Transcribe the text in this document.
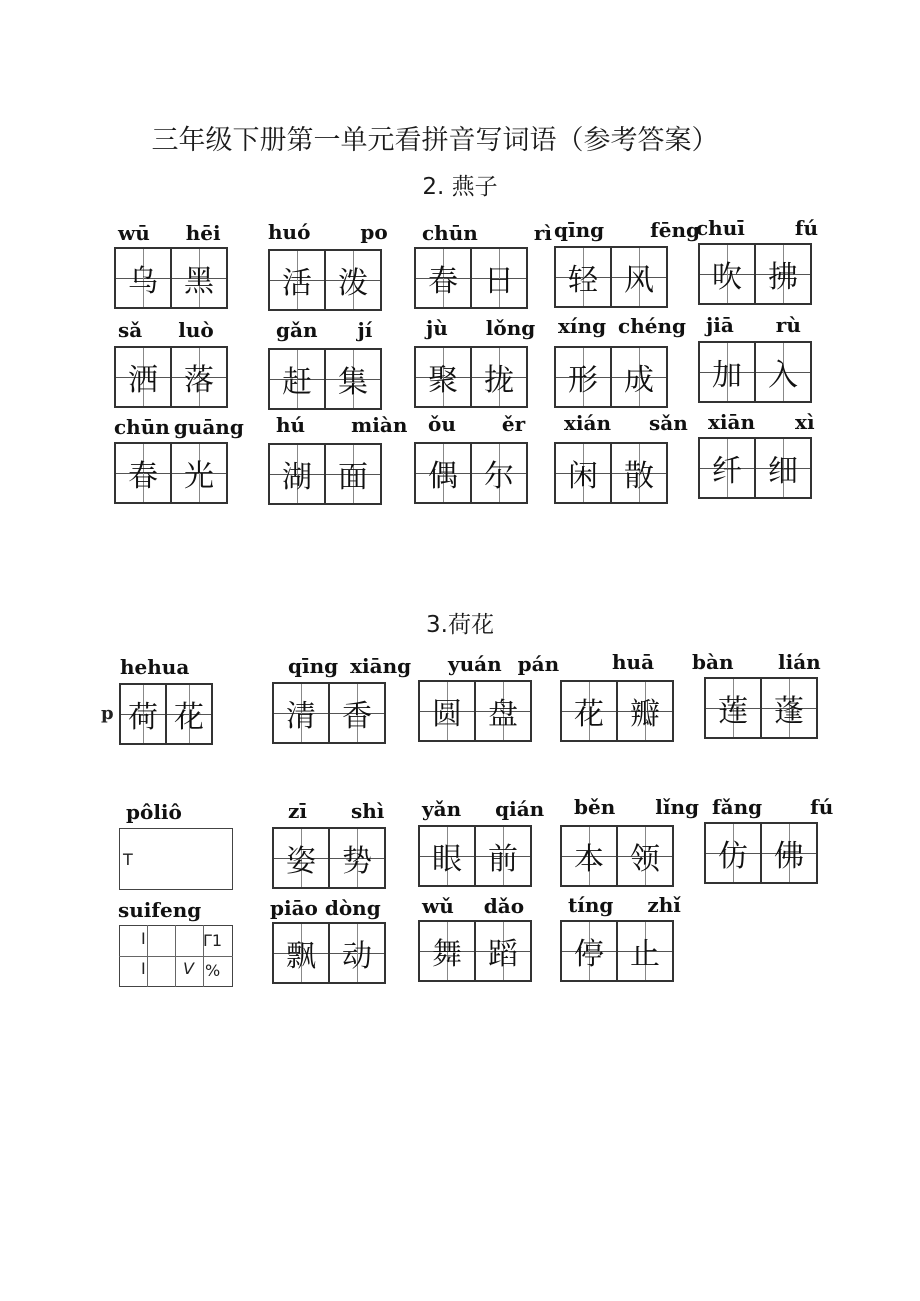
三年级下册第一单元看拼音写词语（参考答案）
2. 燕子
3.荷花
wū hēi
乌 黑
huó	po
活 泼
chūn	rì
春 日
qīng fēng
轻 风
chuī	fú
吹 拂
sǎ luò
洒 落
gǎn jí
赶 集
jù lǒng
聚 拢
xíng chéng
形 成
jiā rù
加 入
chūn guāng
春 光
hú miàn
湖 面
ǒu ěr
偶 尔
xián sǎn
闲 散
xiān xì
纤 细
hehua
荷 花
p
qīng xiāng
清 香
yuán pán
圆 盘
huā bàn
花 瓣
lián
莲 蓬
pôliô
T
zī shì
姿 势
yǎn qián
眼 前
běn lǐng
本 领
fǎng fú
仿 佛
suifeng
I	Γ1
I V %
piāo dòng
飘 动
wǔ dǎo
舞 蹈
tíng zhǐ
停 止
